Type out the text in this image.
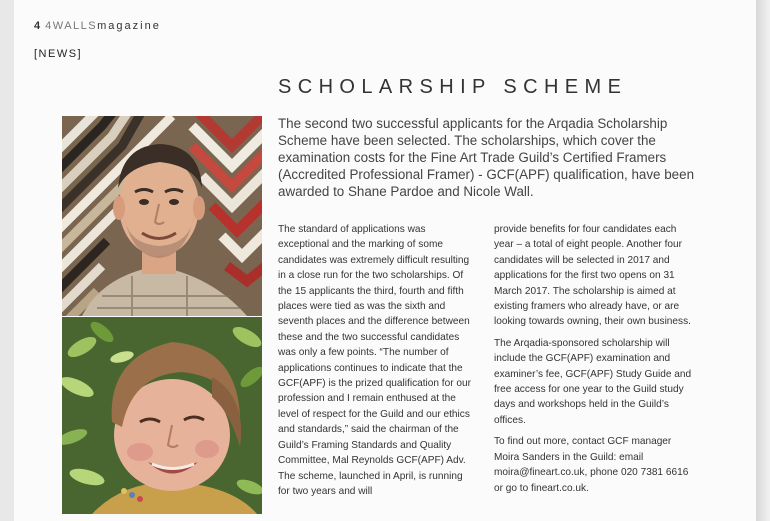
4 4WALLSmagazine
[NEWS]
SCHOLARSHIP SCHEME

The second two successful applicants for the Arqadia Scholarship Scheme have been selected. The scholarships, which cover the examination costs for the Fine Art Trade Guild’s Certified Framers (Accredited Professional Framer) - GCF(APF) qualification, have been awarded to Shane Pardoe and Nicole Wall.

The standard of applications was exceptional and the marking of some candidates was extremely difficult resulting in a close run for the two scholarships. Of the 15 applicants the third, fourth and fifth places were tied as was the sixth and seventh places and the difference between these and the two successful candidates was only a few points. “The number of applications continues to indicate that the GCF(APF) is the prized qualification for our profession and I remain enthused at the level of respect for the Guild and our ethics and standards,” said the chairman of the Guild’s Framing Standards and Quality Committee, Mal Reynolds GCF(APF) Adv. The scheme, launched in April, is running for two years and will

provide benefits for four candidates each year – a total of eight people. Another four candidates will be selected in 2017 and applications for the first two opens on 31 March 2017. The scholarship is aimed at existing framers who already have, or are looking towards owning, their own business.

The Arqadia-sponsored scholarship will include the GCF(APF) examination and examiner’s fee, GCF(APF) Study Guide and free access for one year to the Guild study days and workshops held in the Guild’s offices.

To find out more, contact GCF manager Moira Sanders in the Guild: email moira@fineart.co.uk, phone 020 7381 6616 or go to fineart.co.uk.
